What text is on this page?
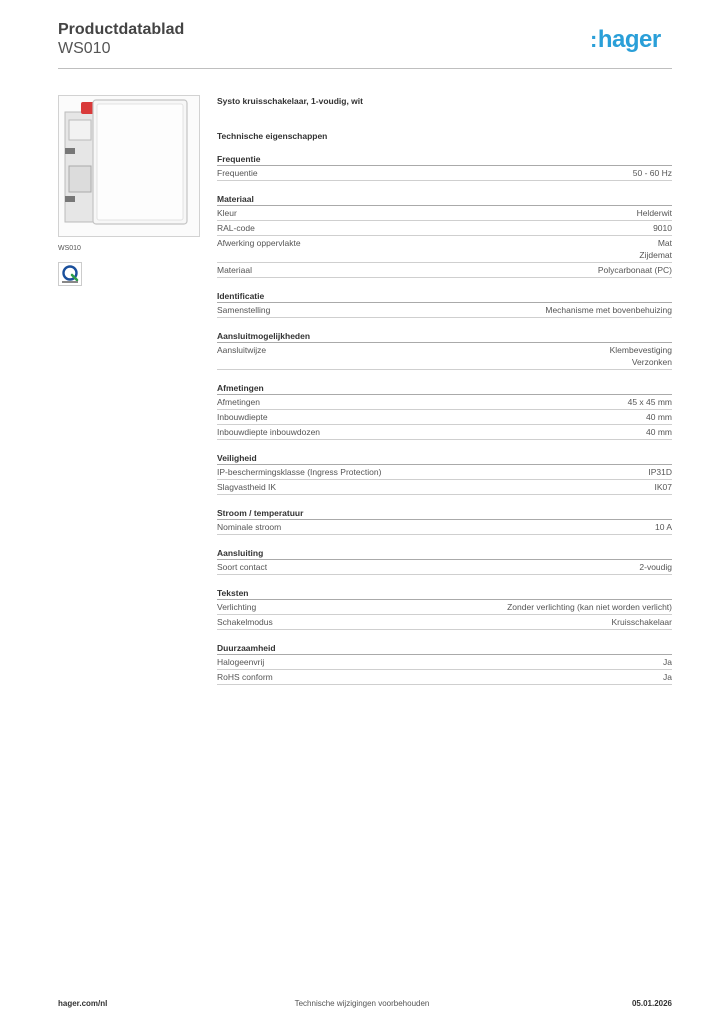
Productdatablad
WS010	:hager
WS010
Systo kruisschakelaar, 1-voudig, wit
Technische eigenschappen
Frequentie
Frequentie	50 - 60 Hz
Materiaal
Kleur	Helderwit
RAL-code	9010
Afwerking oppervlakte	Mat
Zijdemat
Materiaal	Polycarbonaat (PC)
Identificatie
Samenstelling	Mechanisme met bovenbehuizing
Aansluitmogelijkheden
Aansluitwijze	Klembevestiging
Verzonken
Afmetingen
Afmetingen	45 x 45 mm
Inbouwdiepte	40 mm
Inbouwdiepte inbouwdozen	40 mm
Veiligheid
IP-beschermingsklasse (Ingress Protection)	IP31D
Slagvastheid IK	IK07
Stroom / temperatuur
Nominale stroom	10 A
Aansluiting
Soort contact	2-voudig
Teksten
Verlichting	Zonder verlichting (kan niet worden verlicht)
Schakelmodus	Kruisschakelaar
Duurzaamheid
Halogeenvrij	Ja
RoHS conform	Ja
hager.com/nl	Technische wijzigingen voorbehouden	05.01.2026
